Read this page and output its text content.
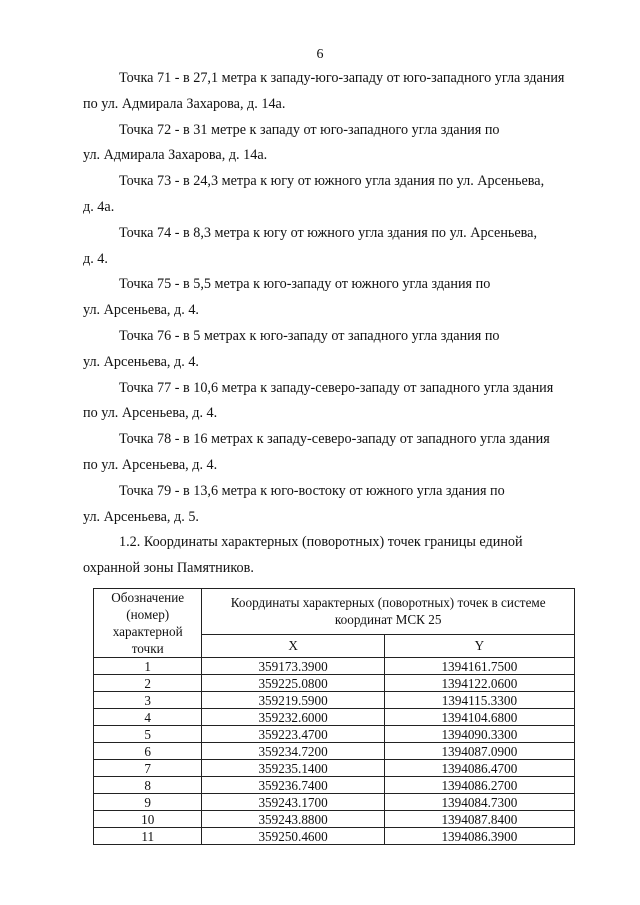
6

Точка 71 - в 27,1 метра к западу-юго-западу от юго-западного угла здания
по ул. Адмирала Захарова, д. 14а.

Точка 72 - в 31 метре к западу от юго-западного угла здания по
ул. Адмирала Захарова, д. 14а.

Точка 73 - в 24,3 метра к югу от южного угла здания по ул. Арсеньева,
д. 4а.

Точка 74 - в 8,3 метра к югу от южного угла здания по ул. Арсеньева,
д. 4.

Точка 75 - в 5,5 метра к юго-западу от южного угла здания по
ул. Арсеньева, д. 4.

Точка 76 - в 5 метрах к юго-западу от западного угла здания по
ул. Арсеньева, д. 4.

Точка 77 - в 10,6 метра к западу-северо-западу от западного угла здания
по ул. Арсеньева, д. 4.

Точка 78 - в 16 метрах к западу-северо-западу от западного угла здания
по ул. Арсеньева, д. 4.

Точка 79 - в 13,6 метра к юго-востоку от южного угла здания по
ул. Арсеньева, д. 5.

1.2. Координаты характерных (поворотных) точек границы единой
охранной зоны Памятников.

Обозначение (номер) характерной точки	Координаты характерных (поворотных) точек в системе координат МСК 25	
	X	Y
1	359173.3900	1394161.7500
2	359225.0800	1394122.0600
3	359219.5900	1394115.3300
4	359232.6000	1394104.6800
5	359223.4700	1394090.3300
6	359234.7200	1394087.0900
7	359235.1400	1394086.4700
8	359236.7400	1394086.2700
9	359243.1700	1394084.7300
10	359243.8800	1394087.8400
11	359250.4600	1394086.3900
